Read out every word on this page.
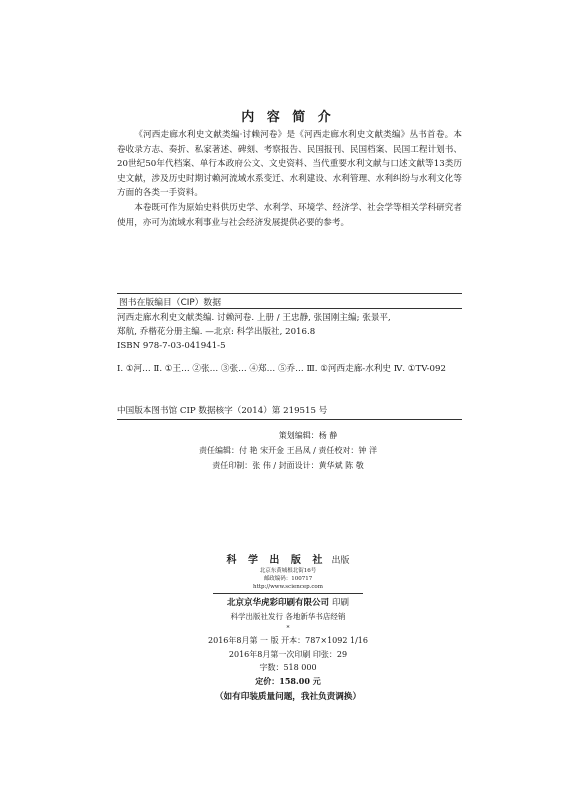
内 容 简 介

《河西走廊水利史文献类编·讨赖河卷》是《河西走廊水利史文献类编》丛书首卷。本卷收录方志、奏折、私家著述、碑刻、考察报告、民国报刊、民国档案、民国工程计划书、20世纪50年代档案、单行本政府公文、文史资料、当代重要水利文献与口述文献等13类历史文献，涉及历史时期讨赖河流域水系变迁、水利建设、水利管理、水利纠纷与水利文化等方面的各类一手资料。

本卷既可作为原始史料供历史学、水利学、环境学、经济学、社会学等相关学科研究者使用，亦可为流域水利事业与社会经济发展提供必要的参考。

图书在版编目（CIP）数据
河西走廊水利史文献类编. 讨赖河卷. 上册 / 王忠静, 张国刚主编; 张景平,
郑航, 乔楷花分册主编. —北京: 科学出版社, 2016.8
ISBN 978-7-03-041941-5
Ⅰ. ①河… Ⅱ. ①王… ②张… ③张… ④郑… ⑤乔… Ⅲ. ①河西走廊-水利史 Ⅳ. ①TV-092
中国版本图书馆 CIP 数据核字（2014）第 219515 号
策划编辑：杨 静
责任编辑：付 艳 宋开金 王昌凤 / 责任校对：钟 洋
责任印制：张 伟 / 封面设计：黄华斌 陈 敬
科 学 出 版 社 出版
北京东黄城根北街16号
邮政编码：100717
http://www.sciencep.com
北京京华虎彩印刷有限公司 印刷
科学出版社发行 各地新华书店经销
*
2016年8月第 一 版 开本：787×1092 1/16
2016年8月第一次印刷 印张：29
字数：518 000
定价：158.00 元
（如有印装质量问题，我社负责调换）
